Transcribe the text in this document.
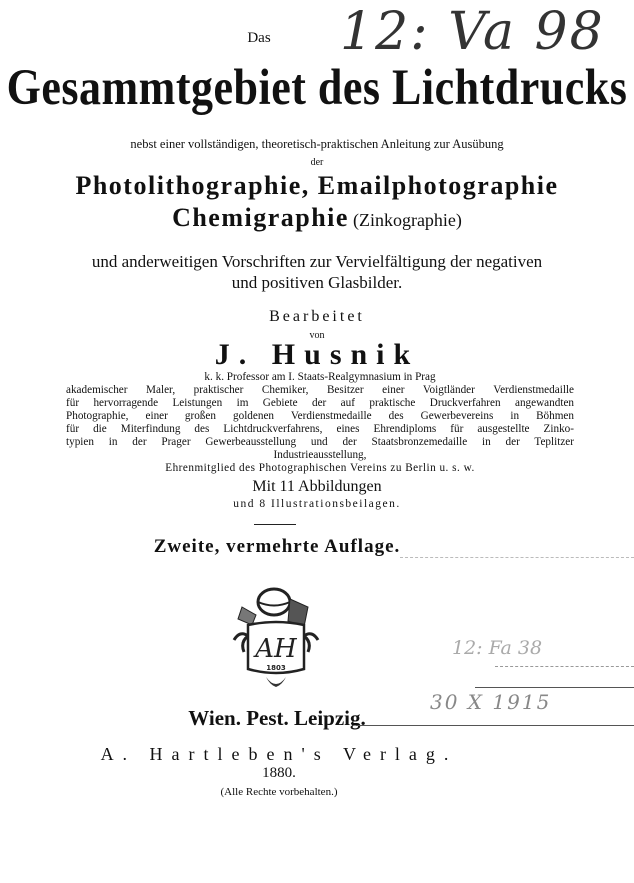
Das	12: Va 98
Gesammtgebiet des Lichtdrucks
nebst einer vollständigen, theoretisch-praktischen Anleitung zur Ausübung
der
Photolithographie, Emailphotographie
Chemigraphie (Zinkographie)
und anderweitigen Vorschriften zur Vervielfältigung der negativen
und positiven Glasbilder.
Bearbeitet
von
J. Husnik
k. k. Professor am I. Staats-Realgymnasium in Prag
akademischer Maler, praktischer Chemiker, Besitzer einer Voigtländer Verdienstmedaille
für hervorragende Leistungen im Gebiete der auf praktische Druckverfahren angewandten
Photographie, einer großen goldenen Verdienstmedaille des Gewerbevereins in Böhmen
für die Miterfindung des Lichtdruckverfahrens, eines Ehrendiploms für ausgestellte Zinko-
typien in der Prager Gewerbeausstellung und der Staatsbronzemedaille in der Teplitzer
Industrieausstellung,
Ehrenmitglied des Photographischen Vereins zu Berlin u. s. w.
Mit 11 Abbildungen
und 8 Illustrationsbeilagen.
Zweite, vermehrte Auflage.
AH
1803
12: Fa 38
30 X 1915
Wien. Pest. Leipzig.
A. Hartleben's Verlag.
1880.
(Alle Rechte vorbehalten.)
